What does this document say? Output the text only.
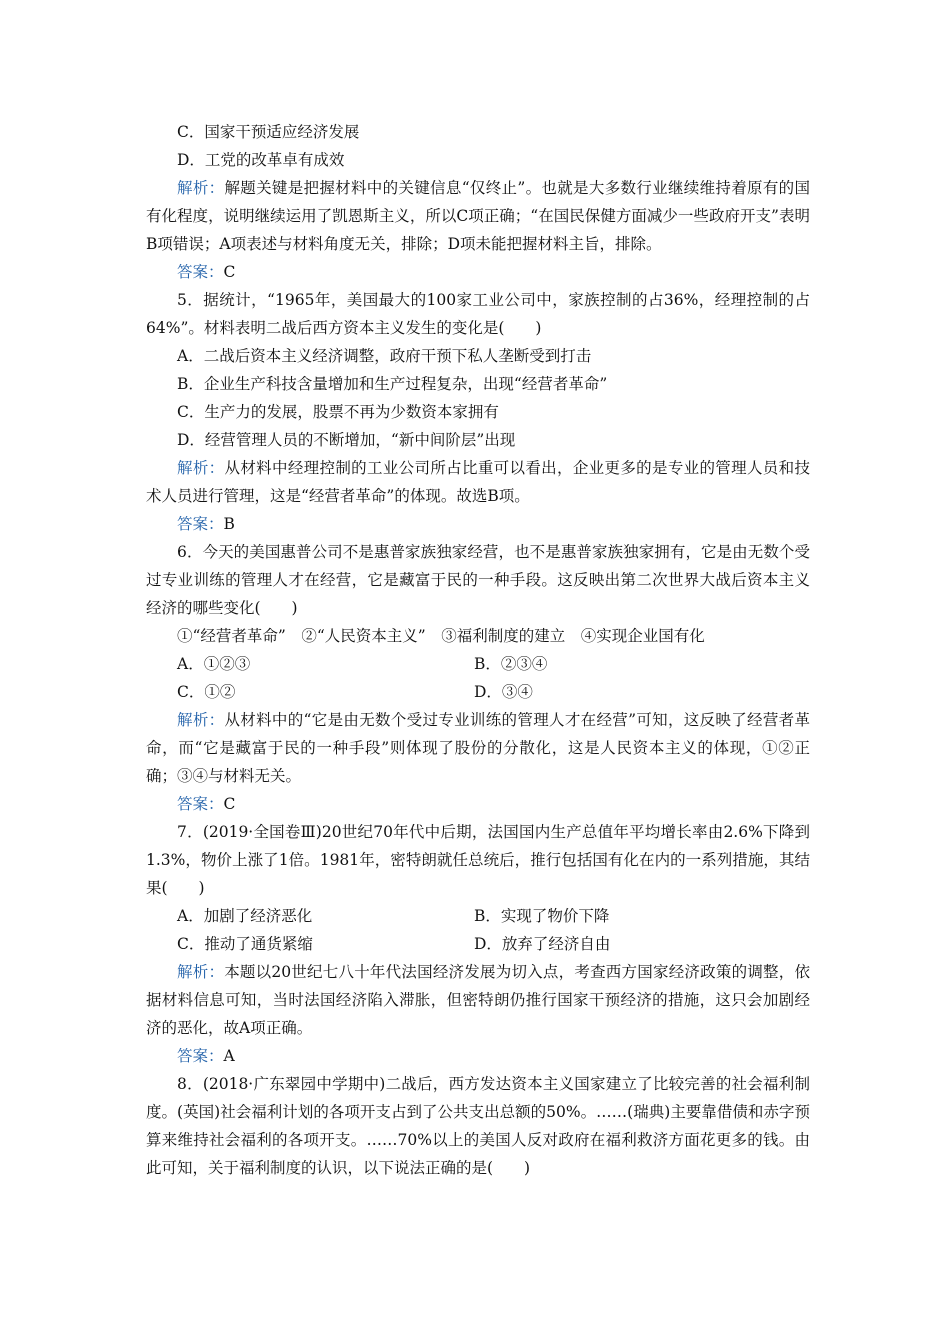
C．国家干预适应经济发展
D．工党的改革卓有成效
解析：解题关键是把握材料中的关键信息“仅终止”。也就是大多数行业继续维持着原有的国有化程度，说明继续运用了凯恩斯主义，所以C项正确；“在国民保健方面减少一些政府开支”表明B项错误；A项表述与材料角度无关，排除；D项未能把握材料主旨，排除。
答案：C
5．据统计，“1965年，美国最大的100家工业公司中，家族控制的占36%，经理控制的占64%”。材料表明二战后西方资本主义发生的变化是(　　)
A．二战后资本主义经济调整，政府干预下私人垄断受到打击
B．企业生产科技含量增加和生产过程复杂，出现“经营者革命”
C．生产力的发展，股票不再为少数资本家拥有
D．经营管理人员的不断增加，“新中间阶层”出现
解析：从材料中经理控制的工业公司所占比重可以看出，企业更多的是专业的管理人员和技术人员进行管理，这是“经营者革命”的体现。故选B项。
答案：B
6．今天的美国惠普公司不是惠普家族独家经营，也不是惠普家族独家拥有，它是由无数个受过专业训练的管理人才在经营，它是藏富于民的一种手段。这反映出第二次世界大战后资本主义经济的哪些变化(　　)
①“经营者革命”　②“人民资本主义”　③福利制度的建立　④实现企业国有化
A．①②③	B．②③④
C．①②	D．③④
解析：从材料中的“它是由无数个受过专业训练的管理人才在经营”可知，这反映了经营者革命，而“它是藏富于民的一种手段”则体现了股份的分散化，这是人民资本主义的体现，①②正确；③④与材料无关。
答案：C
7．(2019·全国卷Ⅲ)20世纪70年代中后期，法国国内生产总值年平均增长率由2.6%下降到1.3%，物价上涨了1倍。1981年，密特朗就任总统后，推行包括国有化在内的一系列措施，其结果(　　)
A．加剧了经济恶化	B．实现了物价下降
C．推动了通货紧缩	D．放弃了经济自由
解析：本题以20世纪七八十年代法国经济发展为切入点，考查西方国家经济政策的调整，依据材料信息可知，当时法国经济陷入滞胀，但密特朗仍推行国家干预经济的措施，这只会加剧经济的恶化，故A项正确。
答案：A
8．(2018·广东翠园中学期中)二战后，西方发达资本主义国家建立了比较完善的社会福利制度。(英国)社会福利计划的各项开支占到了公共支出总额的50%。……(瑞典)主要靠借债和赤字预算来维持社会福利的各项开支。……70%以上的美国人反对政府在福利救济方面花更多的钱。由此可知，关于福利制度的认识，以下说法正确的是(　　)
